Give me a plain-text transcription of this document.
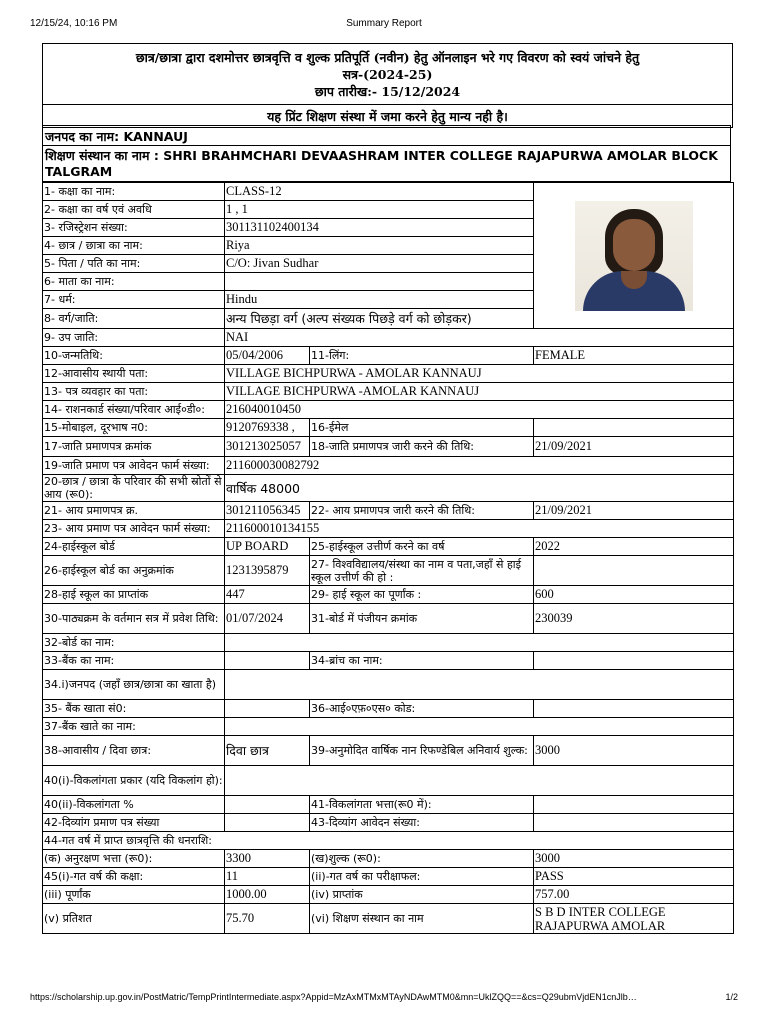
12/15/24, 10:16 PM	Summary Report
छात्र/छात्रा द्वारा दशमोत्तर छात्रवृत्ति व शुल्क प्रतिपूर्ति (नवीन) हेतु ऑनलाइन भरे गए विवरण को स्वयं जांचने हेतु
सत्र-(2024-25)
छाप तारीख:- 15/12/2024

यह प्रिंट शिक्षण संस्था में जमा करने हेतु मान्य नही है।
जनपद का नाम: KANNAUJ
शिक्षण संस्थान का नाम : SHRI BRAHMCHARI DEVAASHRAM INTER COLLEGE RAJAPURWA AMOLAR BLOCK TALGRAM
1- कक्षा का नाम:	CLASS-12		

2- कक्षा का वर्ष एवं अवधि	1 , 1		
3- रजिस्ट्रेशन संख्या:	301131102400134		
4- छात्र / छात्रा का नाम:	Riya		
5- पिता / पति का नाम:	C/O: Jivan Sudhar		
6- माता का नाम:			
7- धर्म:	Hindu		
8- वर्ग/जाति:	अन्य पिछड़ा वर्ग (अल्प संख्यक पिछड़े वर्ग को छोड़कर)		
9- उप जाति:	NAI		
10-जन्मतिथि:	05/04/2006	11-लिंग:	FEMALE
12-आवासीय स्थायी पता:	VILLAGE BICHPURWA - AMOLAR KANNAUJ		
13- पत्र व्यवहार का पता:	VILLAGE BICHPURWA -AMOLAR KANNAUJ		
14- राशनकार्ड संख्या/परिवार आई०डी०:	216040010450		
15-मोबाइल, दूरभाष न0:	9120769338 ,	16-ईमेल	
17-जाति प्रमाणपत्र क्रमांक	301213025057	18-जाति प्रमाणपत्र जारी करने की तिथि:	21/09/2021
19-जाति प्रमाण पत्र आवेदन फार्म संख्या:	211600030082792		
20-छात्र / छात्रा के परिवार की सभी स्रोतों से आय (रू0):	वार्षिक 48000		
21- आय प्रमाणपत्र क्र.	301211056345	22- आय प्रमाणपत्र जारी करने की तिथि:	21/09/2021
23- आय प्रमाण पत्र आवेदन फार्म संख्या:	211600010134155		
24-हाईस्कूल बोर्ड	UP BOARD	25-हाईस्कूल उत्तीर्ण करने का वर्ष	2022
26-हाईस्कूल बोर्ड का अनुक्रमांक	1231395879	27- विश्वविद्यालय/संस्था का नाम व पता,जहाँ से हाई स्कूल उत्तीर्ण की हो :	
28-हाई स्कूल का प्राप्तांक	447	29- हाई स्कूल का पूर्णांक :	600
30-पाठ्यक्रम के वर्तमान सत्र में प्रवेश तिथि:	01/07/2024	31-बोर्ड में पंजीयन क्रमांक	230039
32-बोर्ड का नाम:			
33-बैंक का नाम:		34-ब्रांच का नाम:	
34.i)जनपद (जहाँ छात्र/छात्रा का खाता है)			
35- बैंक खाता सं0:		36-आई०एफ़०एस० कोड:	
37-बैंक खाते का नाम:			
38-आवासीय / दिवा छात्र:	दिवा छात्र	39-अनुमोदित वार्षिक नान रिफण्डेबिल अनिवार्य शुल्क:	3000
40(i)-विकलांगता प्रकार (यदि विकलांग हो):			
40(ii)-विकलांगता %		41-विकलांगता भत्ता(रू0 में):	
42-दिव्यांग प्रमाण पत्र संख्या		43-दिव्यांग आवेदन संख्या:	
44-गत वर्ष में प्राप्त छात्रवृत्ति की धनराशि:			
(क) अनुरक्षण भत्ता (रू0):	3300	(ख)शुल्क (रू0):	3000
45(i)-गत वर्ष की कक्षा:	11	(ii)-गत वर्ष का परीक्षाफल:	PASS
(iii) पूर्णांक	1000.00	(iv) प्राप्तांक	757.00
(v) प्रतिशत	75.70	(vi) शिक्षण संस्थान का नाम	S B D INTER COLLEGE RAJAPURWA AMOLAR
https://scholarship.up.gov.in/PostMatric/TempPrintIntermediate.aspx?Appid=MzAxMTMxMTAyNDAwMTM0&mn=UklZQQ==&cs=Q29ubmVjdEN1cnJlb…	1/2
